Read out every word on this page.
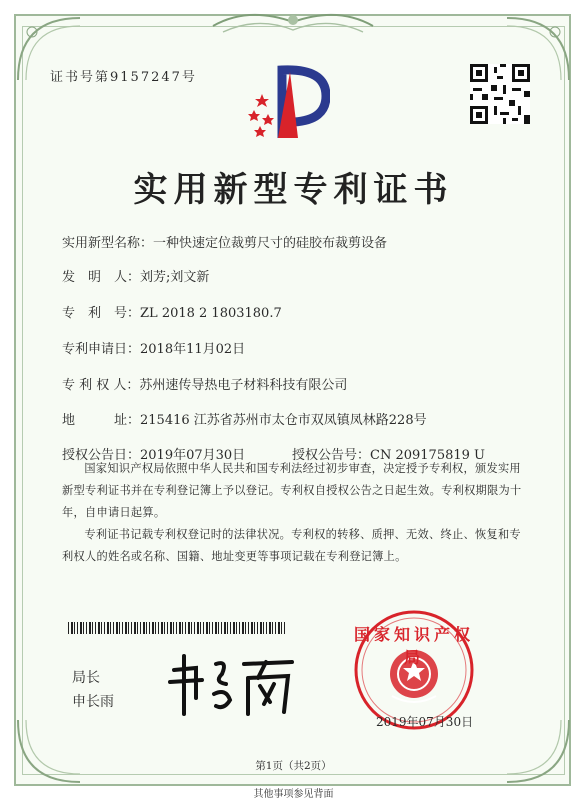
证书号第9157247号
实用新型专利证书
实用新型名称：一种快速定位裁剪尺寸的硅胶布裁剪设备
发　明　人：刘芳;刘文新
专　利　号：ZL 2018 2 1803180.7
专利申请日：2018年11月02日
专 利 权 人：苏州速传导热电子材料科技有限公司
地　　　址：215416 江苏省苏州市太仓市双凤镇凤林路228号
授权公告日：2019年07月30日	授权公告号：CN 209175819 U
国家知识产权局依照中华人民共和国专利法经过初步审查，决定授予专利权，颁发实用新型专利证书并在专利登记簿上予以登记。专利权自授权公告之日起生效。专利权期限为十年，自申请日起算。
专利证书记载专利权登记时的法律状况。专利权的转移、质押、无效、终止、恢复和专利权人的姓名或名称、国籍、地址变更等事项记载在专利登记簿上。
局长
申长雨
国家知识产权局
2019年07月30日
第1页（共2页）
其他事项参见背面
